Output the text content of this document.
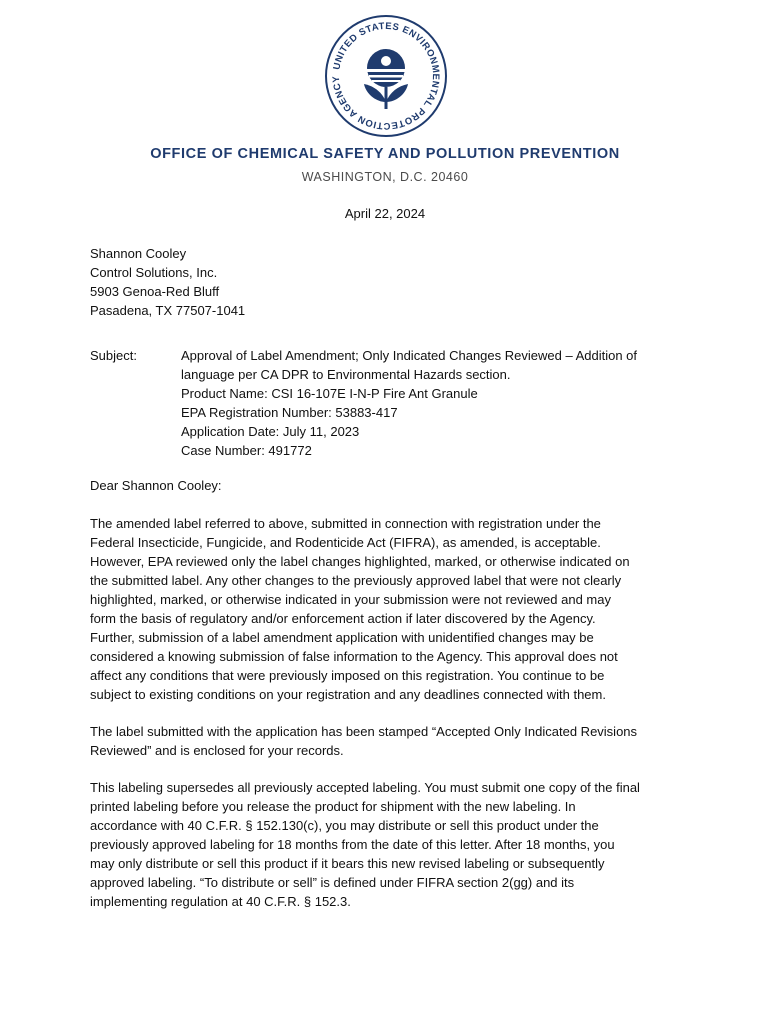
UNITED STATES ENVIRONMENTAL PROTECTION AGENCY
OFFICE OF CHEMICAL SAFETY AND POLLUTION PREVENTION
WASHINGTON, D.C. 20460
April 22, 2024
Shannon Cooley
Control Solutions, Inc.
5903 Genoa-Red Bluff
Pasadena, TX 77507-1041
Subject:	Approval of Label Amendment; Only Indicated Changes Reviewed – Addition of
language per CA DPR to Environmental Hazards section.
Product Name: CSI 16-107E I-N-P Fire Ant Granule
EPA Registration Number: 53883-417
Application Date: July 11, 2023
Case Number: 491772
Dear Shannon Cooley:
The amended label referred to above, submitted in connection with registration under the
Federal Insecticide, Fungicide, and Rodenticide Act (FIFRA), as amended, is acceptable.
However, EPA reviewed only the label changes highlighted, marked, or otherwise indicated on
the submitted label. Any other changes to the previously approved label that were not clearly
highlighted, marked, or otherwise indicated in your submission were not reviewed and may
form the basis of regulatory and/or enforcement action if later discovered by the Agency.
Further, submission of a label amendment application with unidentified changes may be
considered a knowing submission of false information to the Agency. This approval does not
affect any conditions that were previously imposed on this registration. You continue to be
subject to existing conditions on your registration and any deadlines connected with them.
The label submitted with the application has been stamped “Accepted Only Indicated Revisions
Reviewed” and is enclosed for your records.
This labeling supersedes all previously accepted labeling. You must submit one copy of the final
printed labeling before you release the product for shipment with the new labeling. In
accordance with 40 C.F.R. § 152.130(c), you may distribute or sell this product under the
previously approved labeling for 18 months from the date of this letter. After 18 months, you
may only distribute or sell this product if it bears this new revised labeling or subsequently
approved labeling. “To distribute or sell” is defined under FIFRA section 2(gg) and its
implementing regulation at 40 C.F.R. § 152.3.
